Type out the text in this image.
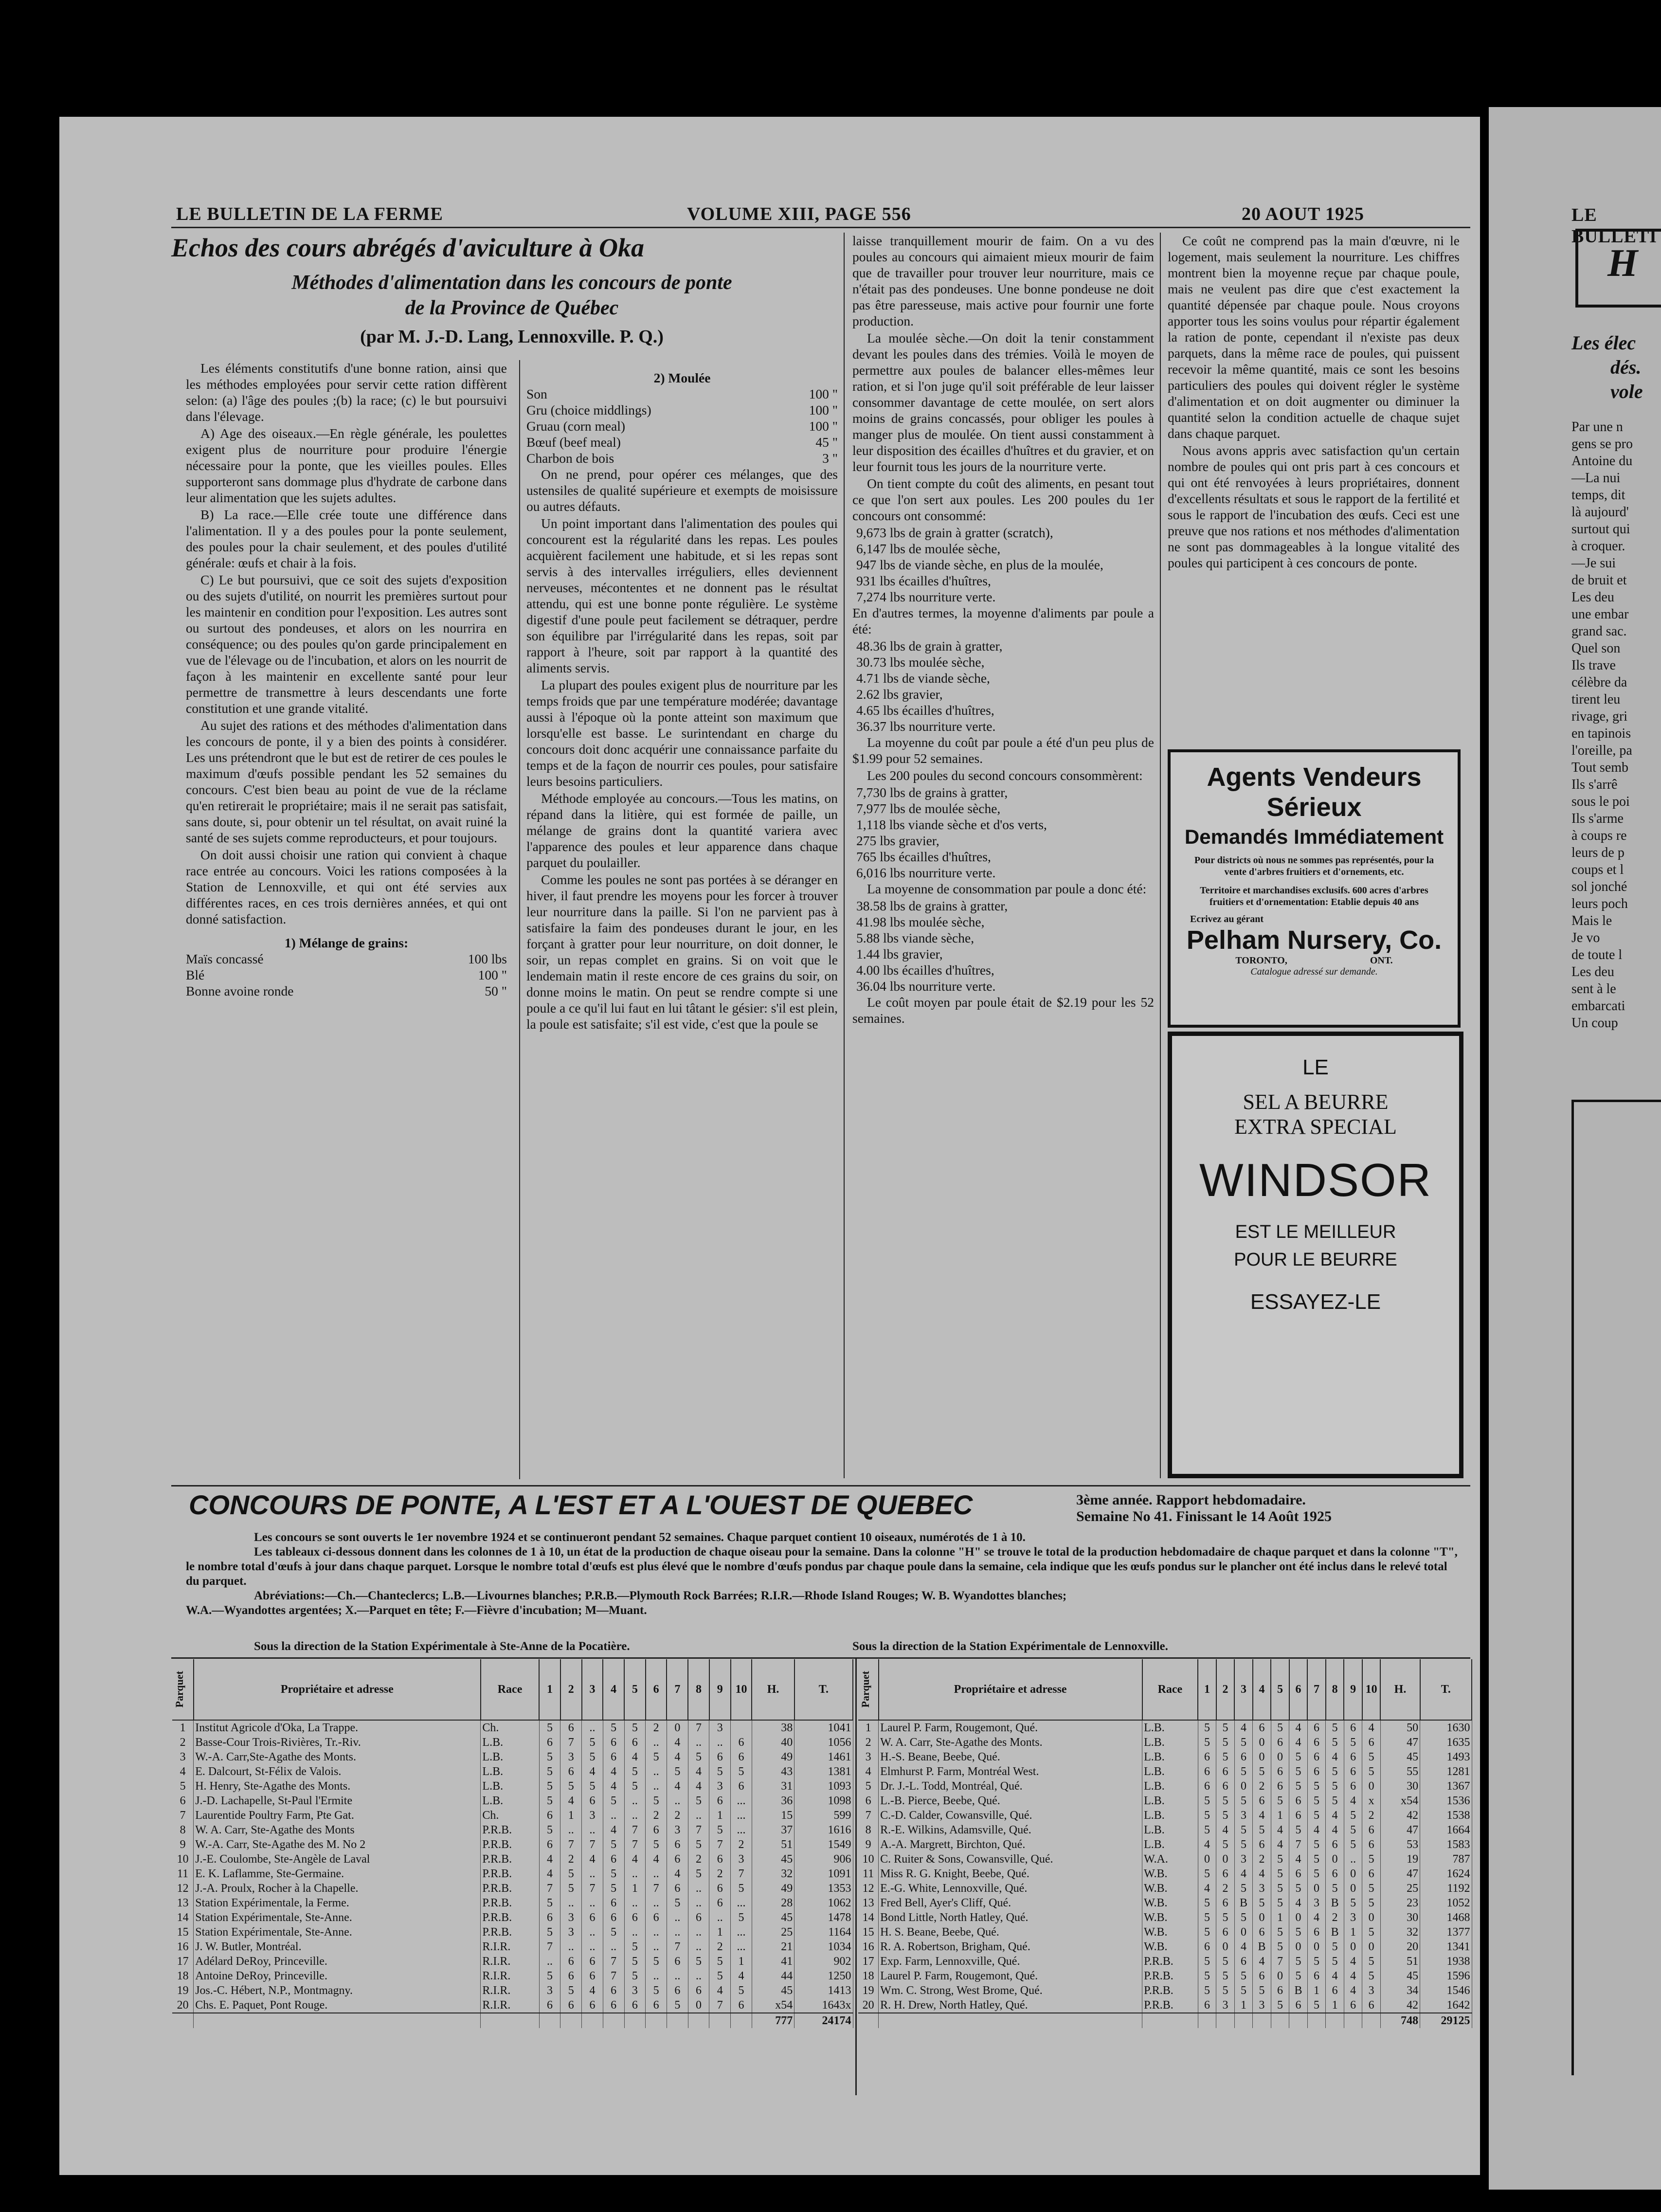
LE BULLETIN DE LA FERME	VOLUME XIII, PAGE 556	20 AOUT 1925
Echos des cours abrégés d'aviculture à Oka
Méthodes d'alimentation dans les concours de ponte
de la Province de Québec
(par M. J.-D. Lang, Lennoxville. P. Q.)

Les éléments constitutifs d'une bonne ration, ainsi que les méthodes employées pour servir cette ration diffèrent selon: (a) l'âge des poules ;(b) la race; (c) le but poursuivi dans l'élevage.

A) Age des oiseaux.—En règle générale, les poulettes exigent plus de nourriture pour produire l'énergie nécessaire pour la ponte, que les vieilles poules. Elles supporteront sans dommage plus d'hydrate de carbone dans leur alimentation que les sujets adultes.

B) La race.—Elle crée toute une différence dans l'alimentation. Il y a des poules pour la ponte seulement, des poules pour la chair seulement, et des poules d'utilité générale: œufs et chair à la fois.

C) Le but poursuivi, que ce soit des sujets d'exposition ou des sujets d'utilité, on nourrit les premières surtout pour les maintenir en condition pour l'exposition. Les autres sont ou surtout des pondeuses, et alors on les nourrira en conséquence; ou des poules qu'on garde principalement en vue de l'élevage ou de l'incubation, et alors on les nourrit de façon à les maintenir en excellente santé pour leur permettre de transmettre à leurs descendants une forte constitution et une grande vitalité.

Au sujet des rations et des méthodes d'alimentation dans les concours de ponte, il y a bien des points à considérer. Les uns prétendront que le but est de retirer de ces poules le maximum d'œufs possible pendant les 52 semaines du concours. C'est bien beau au point de vue de la réclame qu'en retirerait le propriétaire; mais il ne serait pas satisfait, sans doute, si, pour obtenir un tel résultat, on avait ruiné la santé de ses sujets comme reproducteurs, et pour toujours.

On doit aussi choisir une ration qui convient à chaque race entrée au concours. Voici les rations composées à la Station de Lennoxville, et qui ont été servies aux différentes races, en ces trois dernières années, et qui ont donné satisfaction.

1) Mélange de grains:
Maïs concassé	100 lbs
Blé	100 "
Bonne avoine ronde	50 "
2) Moulée
Son	100 "
Gru (choice middlings)	100 "
Gruau (corn meal)	100 "
Bœuf (beef meal)	45 "
Charbon de bois	3 "

On ne prend, pour opérer ces mélanges, que des ustensiles de qualité supérieure et exempts de moisissure ou autres défauts.

Un point important dans l'alimentation des poules qui concourent est la régularité dans les repas. Les poules acquièrent facilement une habitude, et si les repas sont servis à des intervalles irréguliers, elles deviennent nerveuses, mécontentes et ne donnent pas le résultat attendu, qui est une bonne ponte régulière. Le système digestif d'une poule peut facilement se détraquer, perdre son équilibre par l'irrégularité dans les repas, soit par rapport à l'heure, soit par rapport à la quantité des aliments servis.

La plupart des poules exigent plus de nourriture par les temps froids que par une température modérée; davantage aussi à l'époque où la ponte atteint son maximum que lorsqu'elle est basse. Le surintendant en charge du concours doit donc acquérir une connaissance parfaite du temps et de la façon de nourrir ces poules, pour satisfaire leurs besoins particuliers.

Méthode employée au concours.—Tous les matins, on répand dans la litière, qui est formée de paille, un mélange de grains dont la quantité variera avec l'apparence des poules et leur apparence dans chaque parquet du poulailler.

Comme les poules ne sont pas portées à se déranger en hiver, il faut prendre les moyens pour les forcer à trouver leur nourriture dans la paille. Si l'on ne parvient pas à satisfaire la faim des pondeuses durant le jour, en les forçant à gratter pour leur nourriture, on doit donner, le soir, un repas complet en grains. Si on voit que le lendemain matin il reste encore de ces grains du soir, on donne moins le matin. On peut se rendre compte si une poule a ce qu'il lui faut en lui tâtant le gésier: s'il est plein, la poule est satisfaite; s'il est vide, c'est que la poule se

laisse tranquillement mourir de faim. On a vu des poules au concours qui aimaient mieux mourir de faim que de travailler pour trouver leur nourriture, mais ce n'était pas des pondeuses. Une bonne pondeuse ne doit pas être paresseuse, mais active pour fournir une forte production.

La moulée sèche.—On doit la tenir constamment devant les poules dans des trémies. Voilà le moyen de permettre aux poules de balancer elles-mêmes leur ration, et si l'on juge qu'il soit préférable de leur laisser consommer davantage de cette moulée, on sert alors moins de grains concassés, pour obliger les poules à manger plus de moulée. On tient aussi constamment à leur disposition des écailles d'huîtres et du gravier, et on leur fournit tous les jours de la nourriture verte.

On tient compte du coût des aliments, en pesant tout ce que l'on sert aux poules. Les 200 poules du 1er concours ont consommé:

9,673 lbs de grain à gratter (scratch),
6,147 lbs de moulée sèche,
947 lbs de viande sèche, en plus de la moulée,
931 lbs écailles d'huîtres,
7,274 lbs nourriture verte.

En d'autres termes, la moyenne d'aliments par poule a été:

48.36 lbs de grain à gratter,
30.73 lbs moulée sèche,
4.71 lbs de viande sèche,
2.62 lbs gravier,
4.65 lbs écailles d'huîtres,
36.37 lbs nourriture verte.

La moyenne du coût par poule a été d'un peu plus de $1.99 pour 52 semaines.

Les 200 poules du second concours consommèrent:

7,730 lbs de grains à gratter,
7,977 lbs de moulée sèche,
1,118 lbs viande sèche et d'os verts,
275 lbs gravier,
765 lbs écailles d'huîtres,
6,016 lbs nourriture verte.

La moyenne de consommation par poule a donc été:

38.58 lbs de grains à gratter,
41.98 lbs moulée sèche,
5.88 lbs viande sèche,
1.44 lbs gravier,
4.00 lbs écailles d'huîtres,
36.04 lbs nourriture verte.

Le coût moyen par poule était de $2.19 pour les 52 semaines.

Ce coût ne comprend pas la main d'œuvre, ni le logement, mais seulement la nourriture. Les chiffres montrent bien la moyenne reçue par chaque poule, mais ne veulent pas dire que c'est exactement la quantité dépensée par chaque poule. Nous croyons apporter tous les soins voulus pour répartir également la ration de ponte, cependant il n'existe pas deux parquets, dans la même race de poules, qui puissent recevoir la même quantité, mais ce sont les besoins particuliers des poules qui doivent régler le système d'alimentation et on doit augmenter ou diminuer la quantité selon la condition actuelle de chaque sujet dans chaque parquet.

Nous avons appris avec satisfaction qu'un certain nombre de poules qui ont pris part à ces concours et qui ont été renvoyées à leurs propriétaires, donnent d'excellents résultats et sous le rapport de la fertilité et sous le rapport de l'incubation des œufs. Ceci est une preuve que nos rations et nos méthodes d'alimentation ne sont pas dommageables à la longue vitalité des poules qui participent à ces concours de ponte.

Agents Vendeurs
Sérieux
Demandés Immédiatement
Pour districts où nous ne sommes pas représentés, pour la vente d'arbres fruitiers et d'ornements, etc.
Territoire et marchandises exclusifs. 600 acres d'arbres fruitiers et d'ornementation: Etablie depuis 40 ans
Ecrivez au gérant
Pelham Nursery, Co.
TORONTO,	ONT.
Catalogue adressé sur demande.
LE
SEL A BEURRE
EXTRA SPECIAL
WINDSOR
EST LE MEILLEUR
POUR LE BEURRE
ESSAYEZ-LE
CONCOURS DE PONTE, A L'EST ET A L'OUEST DE QUEBEC	3ème année. Rapport hebdomadaire.
Semaine No 41. Finissant le 14 Août 1925
Les concours se sont ouverts le 1er novembre 1924 et se continueront pendant 52 semaines. Chaque parquet contient 10 oiseaux, numérotés de 1 à 10.
Les tableaux ci-dessous donnent dans les colonnes de 1 à 10, un état de la production de chaque oiseau pour la semaine. Dans la colonne "H" se trouve le total de la production hebdomadaire de chaque parquet et dans la colonne "T", le nombre total d'œufs à jour dans chaque parquet. Lorsque le nombre total d'œufs est plus élevé que le nombre d'œufs pondus par chaque poule dans la semaine, cela indique que les œufs pondus sur le plancher ont été inclus dans le relevé total du parquet.
Abréviations:—Ch.—Chanteclercs; L.B.—Livournes blanches; P.R.B.—Plymouth Rock Barrées; R.I.R.—Rhode Island Rouges; W. B. Wyandottes blanches;
W.A.—Wyandottes argentées; X.—Parquet en tête; F.—Fièvre d'incubation; M—Muant.
Sous la direction de la Station Expérimentale à Ste-Anne de la Pocatière.	Sous la direction de la Station Expérimentale de Lennoxville.
Parquet	Propriétaire et adresse	Race	1	2	3	4	5	6	7	8	9	10	H.	T.
1	Institut Agricole d'Oka, La Trappe.	Ch.	5	6	..	5	5	2	0	7	3		38	1041
2	Basse-Cour Trois-Rivières, Tr.-Riv.	L.B.	6	7	5	6	6	..	4	..	..	6	40	1056
3	W.-A. Carr,Ste-Agathe des Monts.	L.B.	5	3	5	6	4	5	4	5	6	6	49	1461
4	E. Dalcourt, St-Félix de Valois.	L.B.	5	6	4	4	5	..	5	4	5	5	43	1381
5	H. Henry, Ste-Agathe des Monts.	L.B.	5	5	5	4	5	..	4	4	3	6	31	1093
6	J.-D. Lachapelle, St-Paul l'Ermite	L.B.	5	4	6	5	..	5	..	5	6	...	36	1098
7	Laurentide Poultry Farm, Pte Gat.	Ch.	6	1	3	..	..	2	2	..	1	...	15	599
8	W. A. Carr, Ste-Agathe des Monts	P.R.B.	5	..	..	4	7	6	3	7	5	...	37	1616
9	W.-A. Carr, Ste-Agathe des M. No 2	P.R.B.	6	7	7	5	7	5	6	5	7	2	51	1549
10	J.-E. Coulombe, Ste-Angèle de Laval	P.R.B.	4	2	4	6	4	4	6	2	6	3	45	906
11	E. K. Laflamme, Ste-Germaine.	P.R.B.	4	5	..	5	..	..	4	5	2	7	32	1091
12	J.-A. Proulx, Rocher à la Chapelle.	P.R.B.	7	5	7	5	1	7	6	..	6	5	49	1353
13	Station Expérimentale, la Ferme.	P.R.B.	5	..	..	6	..	..	5	..	6	...	28	1062
14	Station Expérimentale, Ste-Anne.	P.R.B.	6	3	6	6	6	6	..	6	..	5	45	1478
15	Station Expérimentale, Ste-Anne.	P.R.B.	5	3	..	5	..	..	..	..	1	...	25	1164
16	J. W. Butler, Montréal.	R.I.R.	7	..	..	..	5	..	7	..	2	...	21	1034
17	Adélard DeRoy, Princeville.	R.I.R.	..	6	6	7	5	5	6	5	5	1	41	902
18	Antoine DeRoy, Princeville.	R.I.R.	5	6	6	7	5	..	..	..	5	4	44	1250
19	Jos.-C. Hébert, N.P., Montmagny.	R.I.R.	3	5	4	6	3	5	6	6	4	5	45	1413
20	Chs. E. Paquet, Pont Rouge.	R.I.R.	6	6	6	6	6	6	5	0	7	6	x54	1643x
													777	24174
Parquet	Propriétaire et adresse	Race	1	2	3	4	5	6	7	8	9	10	H.	T.
1	Laurel P. Farm, Rougemont, Qué.	L.B.	5	5	4	6	5	4	6	5	6	4	50	1630
2	W. A. Carr, Ste-Agathe des Monts.	L.B.	5	5	5	0	6	4	6	5	5	6	47	1635
3	H.-S. Beane, Beebe, Qué.	L.B.	6	5	6	0	0	5	6	4	6	5	45	1493
4	Elmhurst P. Farm, Montréal West.	L.B.	6	6	5	5	6	5	6	5	6	5	55	1281
5	Dr. J.-L. Todd, Montréal, Qué.	L.B.	6	6	0	2	6	5	5	5	6	0	30	1367
6	L.-B. Pierce, Beebe, Qué.	L.B.	5	5	5	6	5	6	5	5	4	x	x54	1536
7	C.-D. Calder, Cowansville, Qué.	L.B.	5	5	3	4	1	6	5	4	5	2	42	1538
8	R.-E. Wilkins, Adamsville, Qué.	L.B.	5	4	5	5	4	5	4	4	5	6	47	1664
9	A.-A. Margrett, Birchton, Qué.	L.B.	4	5	5	6	4	7	5	6	5	6	53	1583
10	C. Ruiter & Sons, Cowansville, Qué.	W.A.	0	0	3	2	5	4	5	0	..	5	19	787
11	Miss R. G. Knight, Beebe, Qué.	W.B.	5	6	4	4	5	6	5	6	0	6	47	1624
12	E.-G. White, Lennoxville, Qué.	W.B.	4	2	5	3	5	5	0	5	0	5	25	1192
13	Fred Bell, Ayer's Cliff, Qué.	W.B.	5	6	B	5	5	4	3	B	5	5	23	1052
14	Bond Little, North Hatley, Qué.	W.B.	5	5	5	0	1	0	4	2	3	0	30	1468
15	H. S. Beane, Beebe, Qué.	W.B.	5	6	0	6	5	5	6	B	1	5	32	1377
16	R. A. Robertson, Brigham, Qué.	W.B.	6	0	4	B	5	0	0	5	0	0	20	1341
17	Exp. Farm, Lennoxville, Qué.	P.R.B.	5	5	6	4	7	5	5	5	4	5	51	1938
18	Laurel P. Farm, Rougemont, Qué.	P.R.B.	5	5	5	6	0	5	6	4	4	5	45	1596
19	Wm. C. Strong, West Brome, Qué.	P.R.B.	5	5	5	5	6	B	1	6	4	3	34	1546
20	R. H. Drew, North Hatley, Qué.	P.R.B.	6	3	1	3	5	6	5	1	6	6	42	1642
													748	29125
LE BULLETI
H
Les élec
dés.
vole
Par une n
gens se pro
Antoine du
—La nui
temps, dit
là aujourd'
surtout qui
à croquer.
—Je sui
de bruit et
Les deu
une embar
grand sac.
Quel son
Ils trave
célèbre da
tirent leu
rivage, gri
en tapinois
l'oreille, pa
Tout semb
Ils s'arrê
sous le poi
Ils s'arme
à coups re
leurs de p
coups et l
sol jonché
leurs poch
Mais le
Je vo
de toute l
Les deu
sent à le
embarcati
Un coup
